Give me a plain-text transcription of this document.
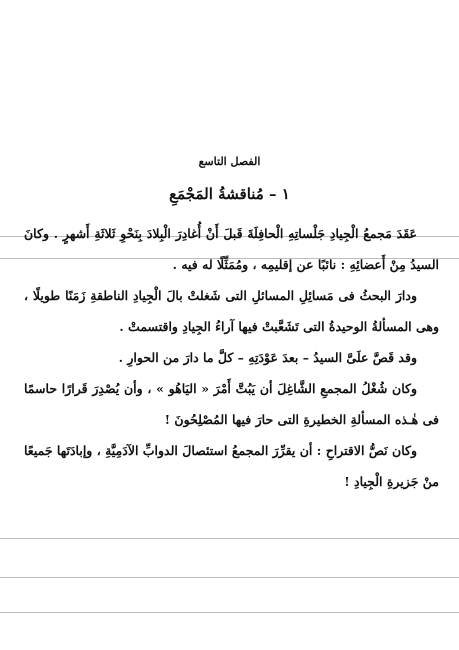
الفصل التاسع
١ – مُناقشةُ المَجْمَعِ

عَقَدَ مَجمعُ الْجِيادِ جَلْساتِهِ الْحافِلَةَ قَبلَ أَنْ أُغادِرَ الْبِلادَ بِنَحْوِ ثَلاثَةِ أَشهرٍ . وكانَ السيدُ مِنْ أَعضائِهِ : نائبًا عن إقليمِه ، ومُمَثِّلًا له فيه .

ودارَ البحثُ فى مَسائِلِ المسائلِ التى شَغلتْ بالَ الْجِيادِ الناطقةِ زَمَنًا طويلًا ، وهى المسألةُ الوحيدةُ التى تَشَعَّبتْ فيها آراءُ الجِيادِ واقتسمتْ .

وقد قَصَّ علَىَّ السيدُ – بعدَ عَوْدَتِهِ – كلَّ ما دارَ من الحوارِ .

وكان شُغْلُ المجمعِ الشَّاغِلَ أن يَبُتَّ أَمْرَ « اليَاهُو » ، وأن يُصْدِرَ قَرارًا حاسمًا فى هٰـذه المسألةِ الخطيرةِ التى حارَ فيها المُصْلِحُونَ !

وكان نَصُّ الاقتراحِ : أن يقرِّرَ المجمعُ استئصالَ الدوابِّ الآدَمِيَّةِ ، وإبادَتَها جَميعًا منْ جَزيرةِ الْجِيادِ !
